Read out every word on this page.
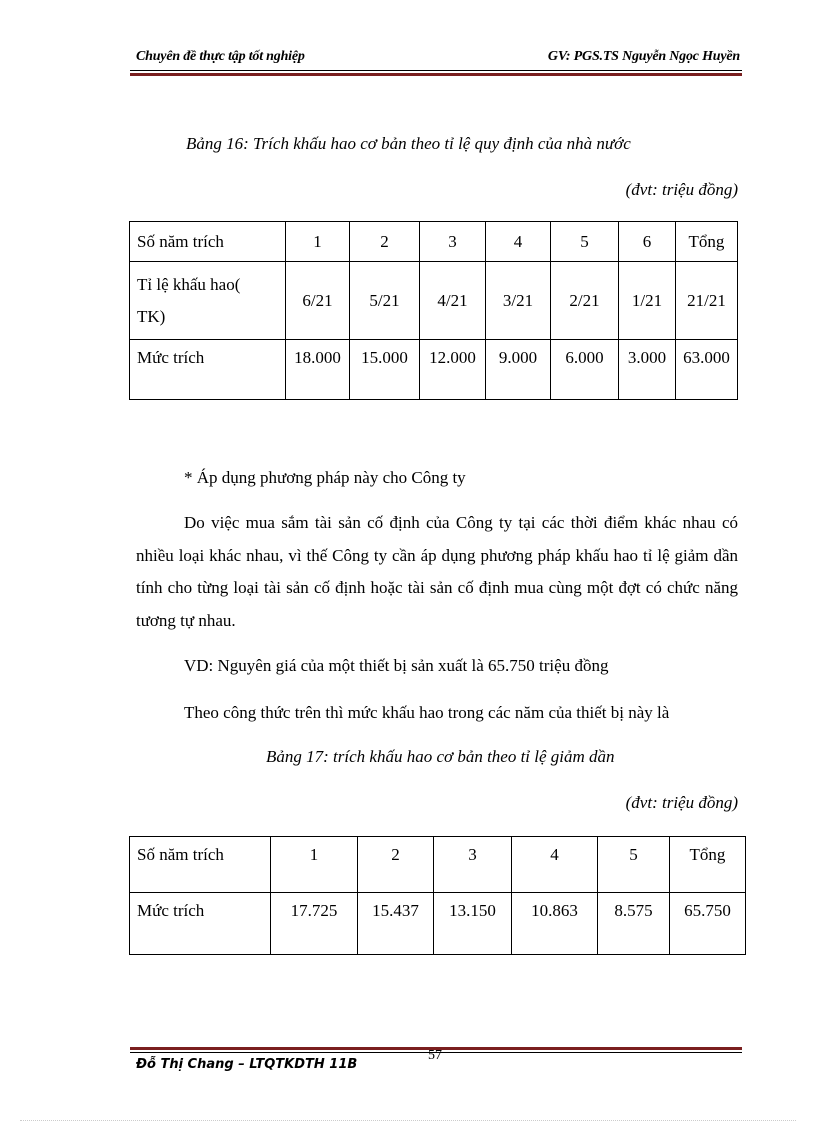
Chuyên đề thực tập tốt nghiệp	GV: PGS.TS Nguyễn Ngọc Huyền
Bảng 16: Trích khấu hao cơ bản theo tỉ lệ quy định của nhà nước
(đvt: triệu đồng)
Số năm trích	1	2	3	4	5	6	Tổng
Tỉ lệ khấu hao( TK)	6/21	5/21	4/21	3/21	2/21	1/21	21/21
Mức trích	18.000	15.000	12.000	9.000	6.000	3.000	63.000
* Áp dụng phương pháp này cho Công ty
Do việc mua sắm tài sản cố định của Công ty tại các thời điểm khác nhau có nhiều loại khác nhau, vì thế Công ty cần áp dụng phương pháp khấu hao tỉ lệ giảm dần tính cho từng loại tài sản cố định hoặc tài sản cố định mua cùng một đợt có chức năng tương tự nhau.
VD: Nguyên giá của một thiết bị sản xuất là 65.750 triệu đồng
Theo công thức trên thì mức khấu hao trong các năm của thiết bị này là
Bảng 17: trích khấu hao cơ bản theo tỉ lệ giảm dần
(đvt: triệu đồng)
Số năm trích	1	2	3	4	5	Tổng
Mức trích	17.725	15.437	13.150	10.863	8.575	65.750
57
Đỗ Thị Chang – LTQTKDTH 11B
